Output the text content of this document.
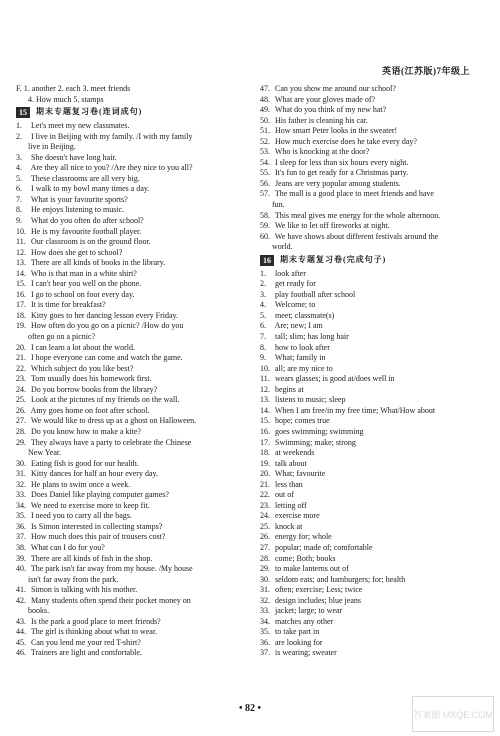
英语(江苏版)7年级上
F. 1. another 2. each 3. meet friends
4. How much 5. stamps
15	期末专题复习卷(连词成句)
1. Let's meet my new classmates.
2. I live in Beijing with my family. /I with my family
live in Beijing.
3. She doesn't have long hair.
4. Are they all nice to you? /Are they nice to you all?
5. These classrooms are all very big.
6. I walk to my bowl many times a day.
7. What is your favourite sports?
8. He enjoys listening to music.
9. What do you often do after school?
10. He is my favourite football player.
11. Our classroom is on the ground floor.
12. How does she get to school?
13. There are all kinds of books in the library.
14. Who is that man in a white shirt?
15. I can't hear you well on the phone.
16. I go to school on foot every day.
17. It is time for breakfast?
18. Kitty goes to her dancing lesson every Friday.
19. How often do you go on a picnic? /How do you
often go on a picnic?
20. I can learn a lot about the world.
21. I hope everyone can come and watch the game.
22. Which subject do you like best?
23. Tom usually does his homework first.
24. Do you borrow books from the library?
25. Look at the pictures of my friends on the wall.
26. Amy goes home on foot after school.
27. We would like to dress up as a ghost on Halloween.
28. Do you know how to make a kite?
29. They always have a party to celebrate the Chinese
New Year.
30. Eating fish is good for our health.
31. Kitty dances for half an hour every day.
32. He plans to swim once a week.
33. Does Daniel like playing computer games?
34. We need to exercise more to keep fit.
35. I need you to carry all the bags.
36. Is Simon interested in collecting stamps?
37. How much does this pair of trousers cost?
38. What can I do for you?
39. There are all kinds of fish in the shop.
40. The park isn't far away from my house. /My house
isn't far away from the park.
41. Simon is talking with his mother.
42. Many students often spend their pocket money on
books.
43. Is the park a good place to meet friends?
44. The girl is thinking about what to wear.
45. Can you lend me your red T-shirt?
46. Trainers are light and comfortable.
47. Can you show me around our school?
48. What are your gloves made of?
49. What do you think of my new hat?
50. His father is cleaning his car.
51. How smart Peter looks in the sweater!
52. How much exercise does he take every day?
53. Who is knocking at the door?
54. I sleep for less than six hours every night.
55. It's fun to get ready for a Christmas party.
56. Jeans are very popular among students.
57. The mall is a good place to meet friends and have
fun.
58. This meal gives me energy for the whole afternoon.
59. We like to let off fireworks at night.
60. We have shows about different festivals around the
world.
16	期末专题复习卷(完成句子)
1. look after
2. get ready for
3. play football after school
4. Welcome; to
5. meet; classmate(s)
6. Are; new; I am
7. tall; slim; has long hair
8. how to look after
9. What; family in
10. all; are my nice to
11. wears glasses; is good at/does well in
12. begins at
13. listens to music; sleep
14. When I am free/in my free time; What/How about
15. hope; comes true
16. goes swimming; swimming
17. Swimming; make; strong
18. at weekends
19. talk about
20. What; favourite
21. less than
22. out of
23. letting off
24. exercise more
25. knock at
26. energy for; whole
27. popular; made of; comfortable
28. come; Both; books
29. to make lanterns out of
30. seldom eats; and hamburgers; for; health
31. often; exercise; Less; twice
32. design includes; blue jeans
33. jacket; large; to wear
34. matches any other
35. to take part in
36. are looking for
37. is wearing; sweater
• 82 •
答案圈 MXQE.COM
